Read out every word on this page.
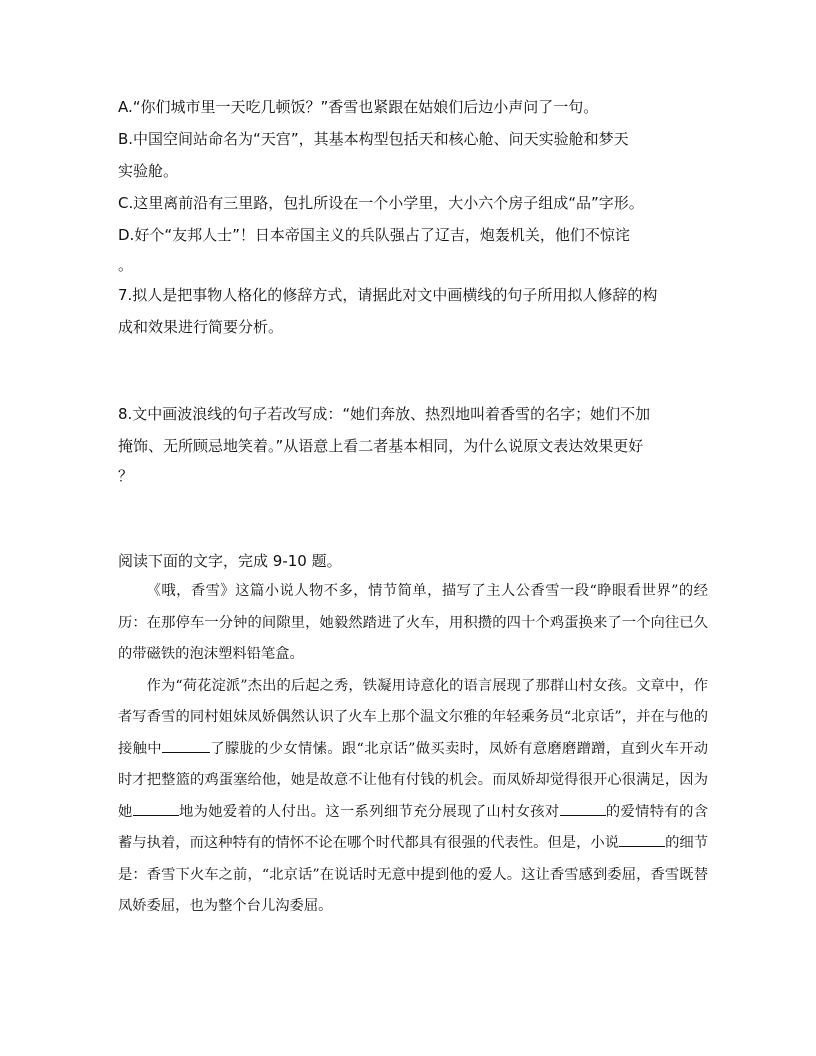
A.“你们城市里一天吃几顿饭？”香雪也紧跟在姑娘们后边小声问了一句。
B.中国空间站命名为“天宫”，其基本构型包括天和核心舱、问天实验舱和梦天
实验舱。
C.这里离前沿有三里路，包扎所设在一个小学里，大小六个房子组成“品”字形。
D.好个“友邦人士”！日本帝国主义的兵队强占了辽吉，炮轰机关，他们不惊诧
。
7.拟人是把事物人格化的修辞方式，请据此对文中画横线的句子所用拟人修辞的构
成和效果进行简要分析。
8.文中画波浪线的句子若改写成：“她们奔放、热烈地叫着香雪的名字；她们不加
掩饰、无所顾忌地笑着。”从语意上看二者基本相同，为什么说原文表达效果更好
？
阅读下面的文字，完成 9-10 题。

《哦，香雪》这篇小说人物不多，情节简单，描写了主人公香雪一段“睁眼看世界”的经历：在那停车一分钟的间隙里，她毅然踏进了火车，用积攒的四十个鸡蛋换来了一个向往已久的带磁铁的泡沫塑料铅笔盒。

作为“荷花淀派”杰出的后起之秀，铁凝用诗意化的语言展现了那群山村女孩。文章中，作者写香雪的同村姐妹凤娇偶然认识了火车上那个温文尔雅的年轻乘务员“北京话”，并在与他的接触中	了朦胧的少女情愫。跟“北京话”做买卖时，凤娇有意磨磨蹭蹭，直到火车开动时才把整篮的鸡蛋塞给他，她是故意不让他有付钱的机会。而凤娇却觉得很开心很满足，因为她	地为她爱着的人付出。这一系列细节充分展现了山村女孩对	的爱情特有的含蓄与执着，而这种特有的情怀不论在哪个时代都具有很强的代表性。但是，小说	的细节是：香雪下火车之前，“北京话”在说话时无意中提到他的爱人。这让香雪感到委屈，香雪既替凤娇委屈，也为整个台儿沟委屈。
